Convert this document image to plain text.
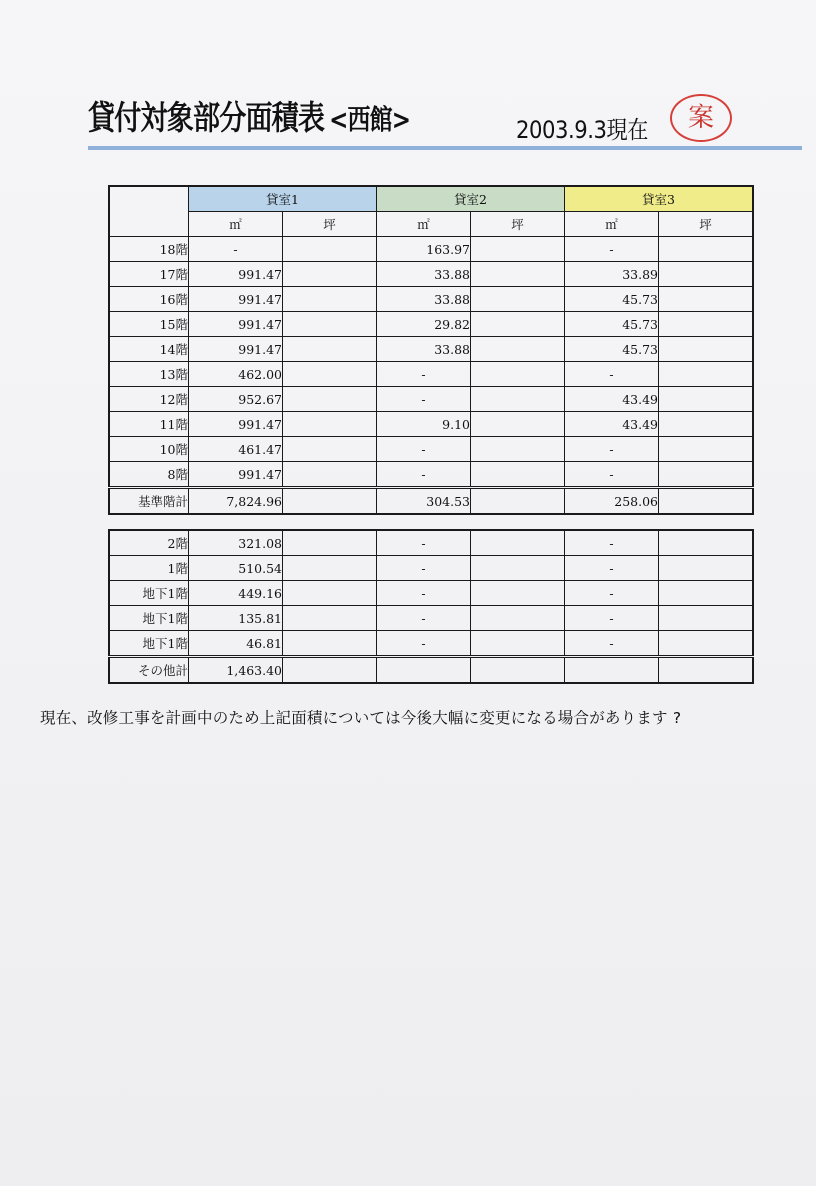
貸付対象部分面積表 <西館>	2003.9.3現在	案
	貸室1		貸室2		貸室3	
	㎡	坪	㎡	坪	㎡	坪
18階	-		163.97		-	
17階	991.47		33.88		33.89	
16階	991.47		33.88		45.73	
15階	991.47		29.82		45.73	
14階	991.47		33.88		45.73	
13階	462.00		-		-	
12階	952.67		-		43.49	
11階	991.47		9.10		43.49	
10階	461.47		-		-	
8階	991.47		-		-	
基準階計	7,824.96		304.53		258.06	
2階	321.08		-		-	
1階	510.54		-		-	
地下1階	449.16		-		-	
地下1階	135.81		-		-	
地下1階	46.81		-		-	
その他計	1,463.40					
現在、改修工事を計画中のため上記面積については今後大幅に変更になる場合があります ?
